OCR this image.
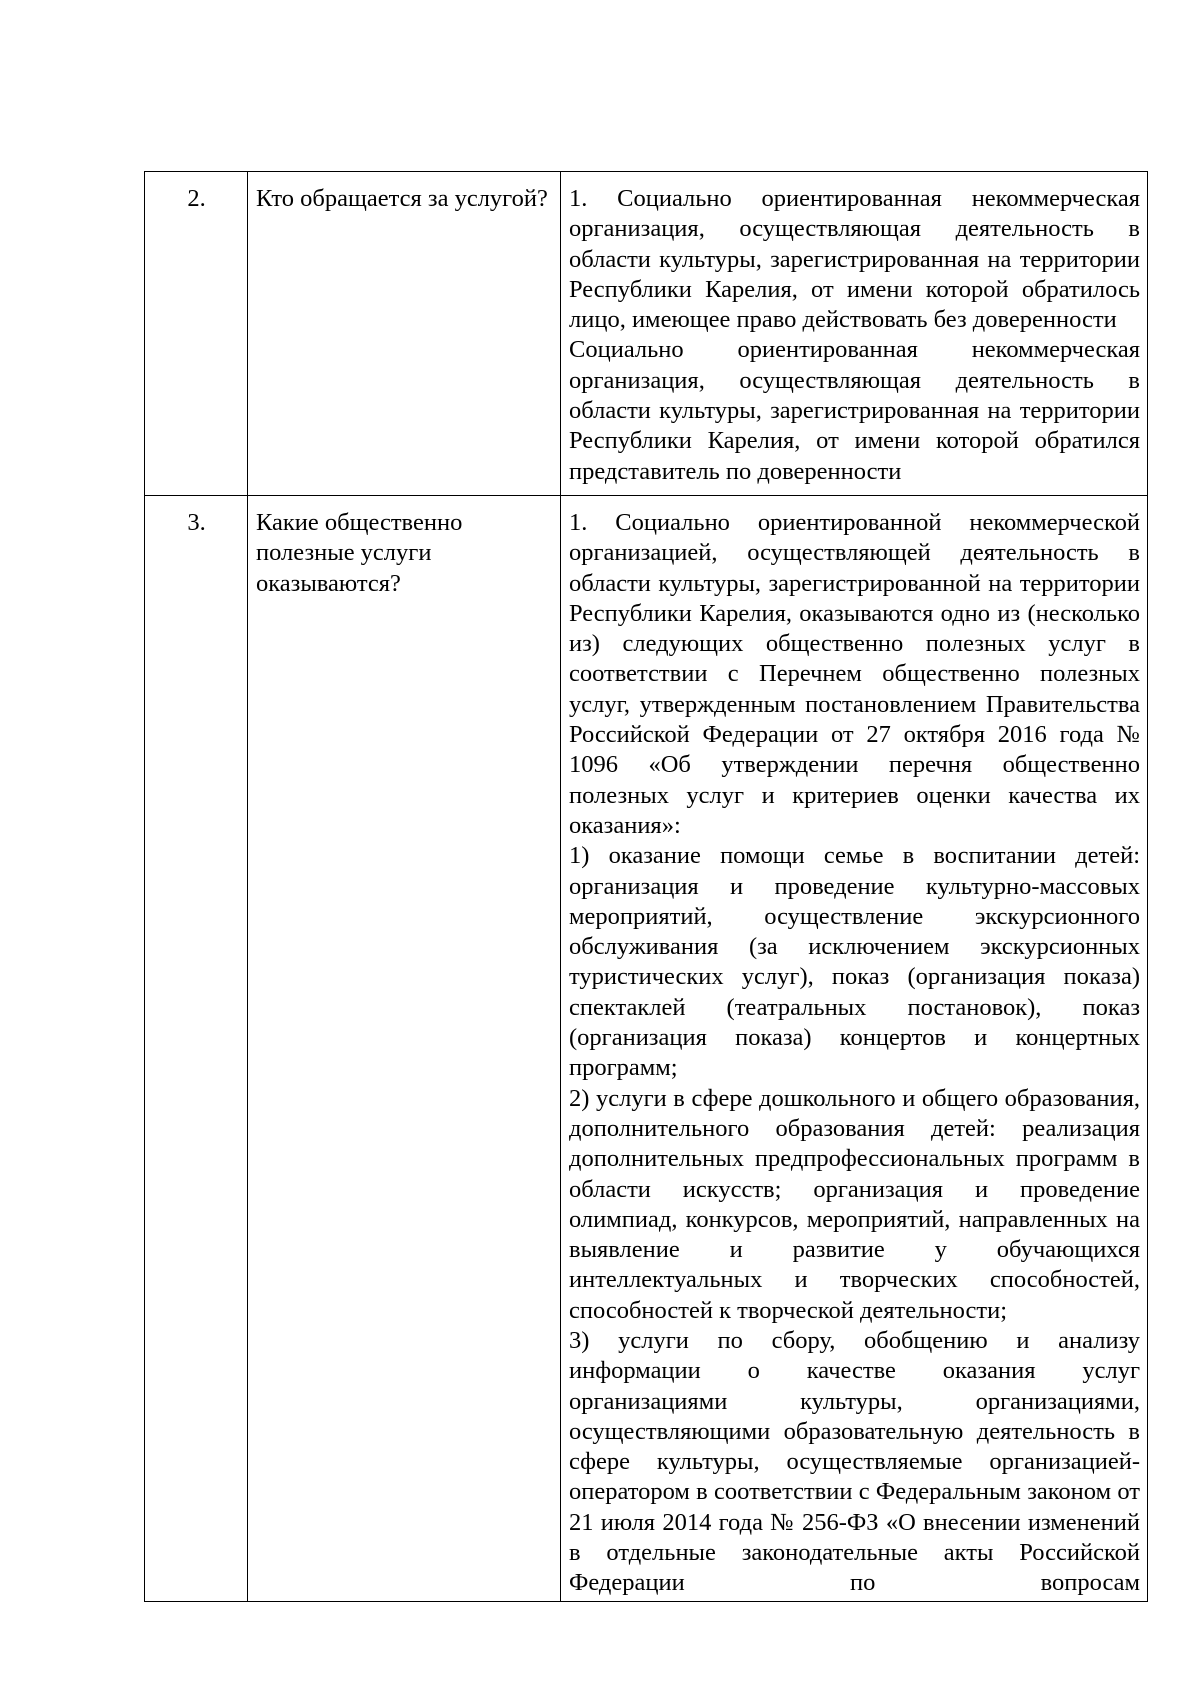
2.	Кто обращается за услугой?	1. Социально ориентированная некоммерческая организация, осуществляющая деятельность в области культуры, зарегистрированная на территории Республики Карелия, от имени которой обратилось лицо, имеющее право действовать без доверенности

Социально ориентированная некоммерческая организация, осуществляющая деятельность в области культуры, зарегистрированная на территории Республики Карелия, от имени которой обратился представитель по доверенности

3.	Какие общественно полезные услуги оказываются?	1. Социально ориентированной некоммерческой организацией, осуществляющей деятельность в области культуры, зарегистрированной на территории Республики Карелия, оказываются одно из (несколько из) следующих общественно полезных услуг в соответствии с Перечнем общественно полезных услуг, утвержденным постановлением Правительства Российской Федерации от 27 октября 2016 года № 1096 «Об утверждении перечня общественно полезных услуг и критериев оценки качества их оказания»:

1) оказание помощи семье в воспитании детей: организация и проведение культурно-массовых мероприятий, осуществление экскурсионного обслуживания (за исключением экскурсионных туристических услуг), показ (организация показа) спектаклей (театральных постановок), показ (организация показа) концертов и концертных программ;

2) услуги в сфере дошкольного и общего образования, дополнительного образования детей: реализация дополнительных предпрофессиональных программ в области искусств; организация и проведение олимпиад, конкурсов, мероприятий, направленных на выявление и развитие у обучающихся интеллектуальных и творческих способностей, способностей к творческой деятельности;

3) услуги по сбору, обобщению и анализу информации о качестве оказания услуг организациями культуры, организациями, осуществляющими образовательную деятельность в сфере культуры, осуществляемые организацией-оператором в соответствии с Федеральным законом от 21 июля 2014 года № 256-ФЗ «О внесении изменений в отдельные законодательные акты Российской Федерации по вопросам
